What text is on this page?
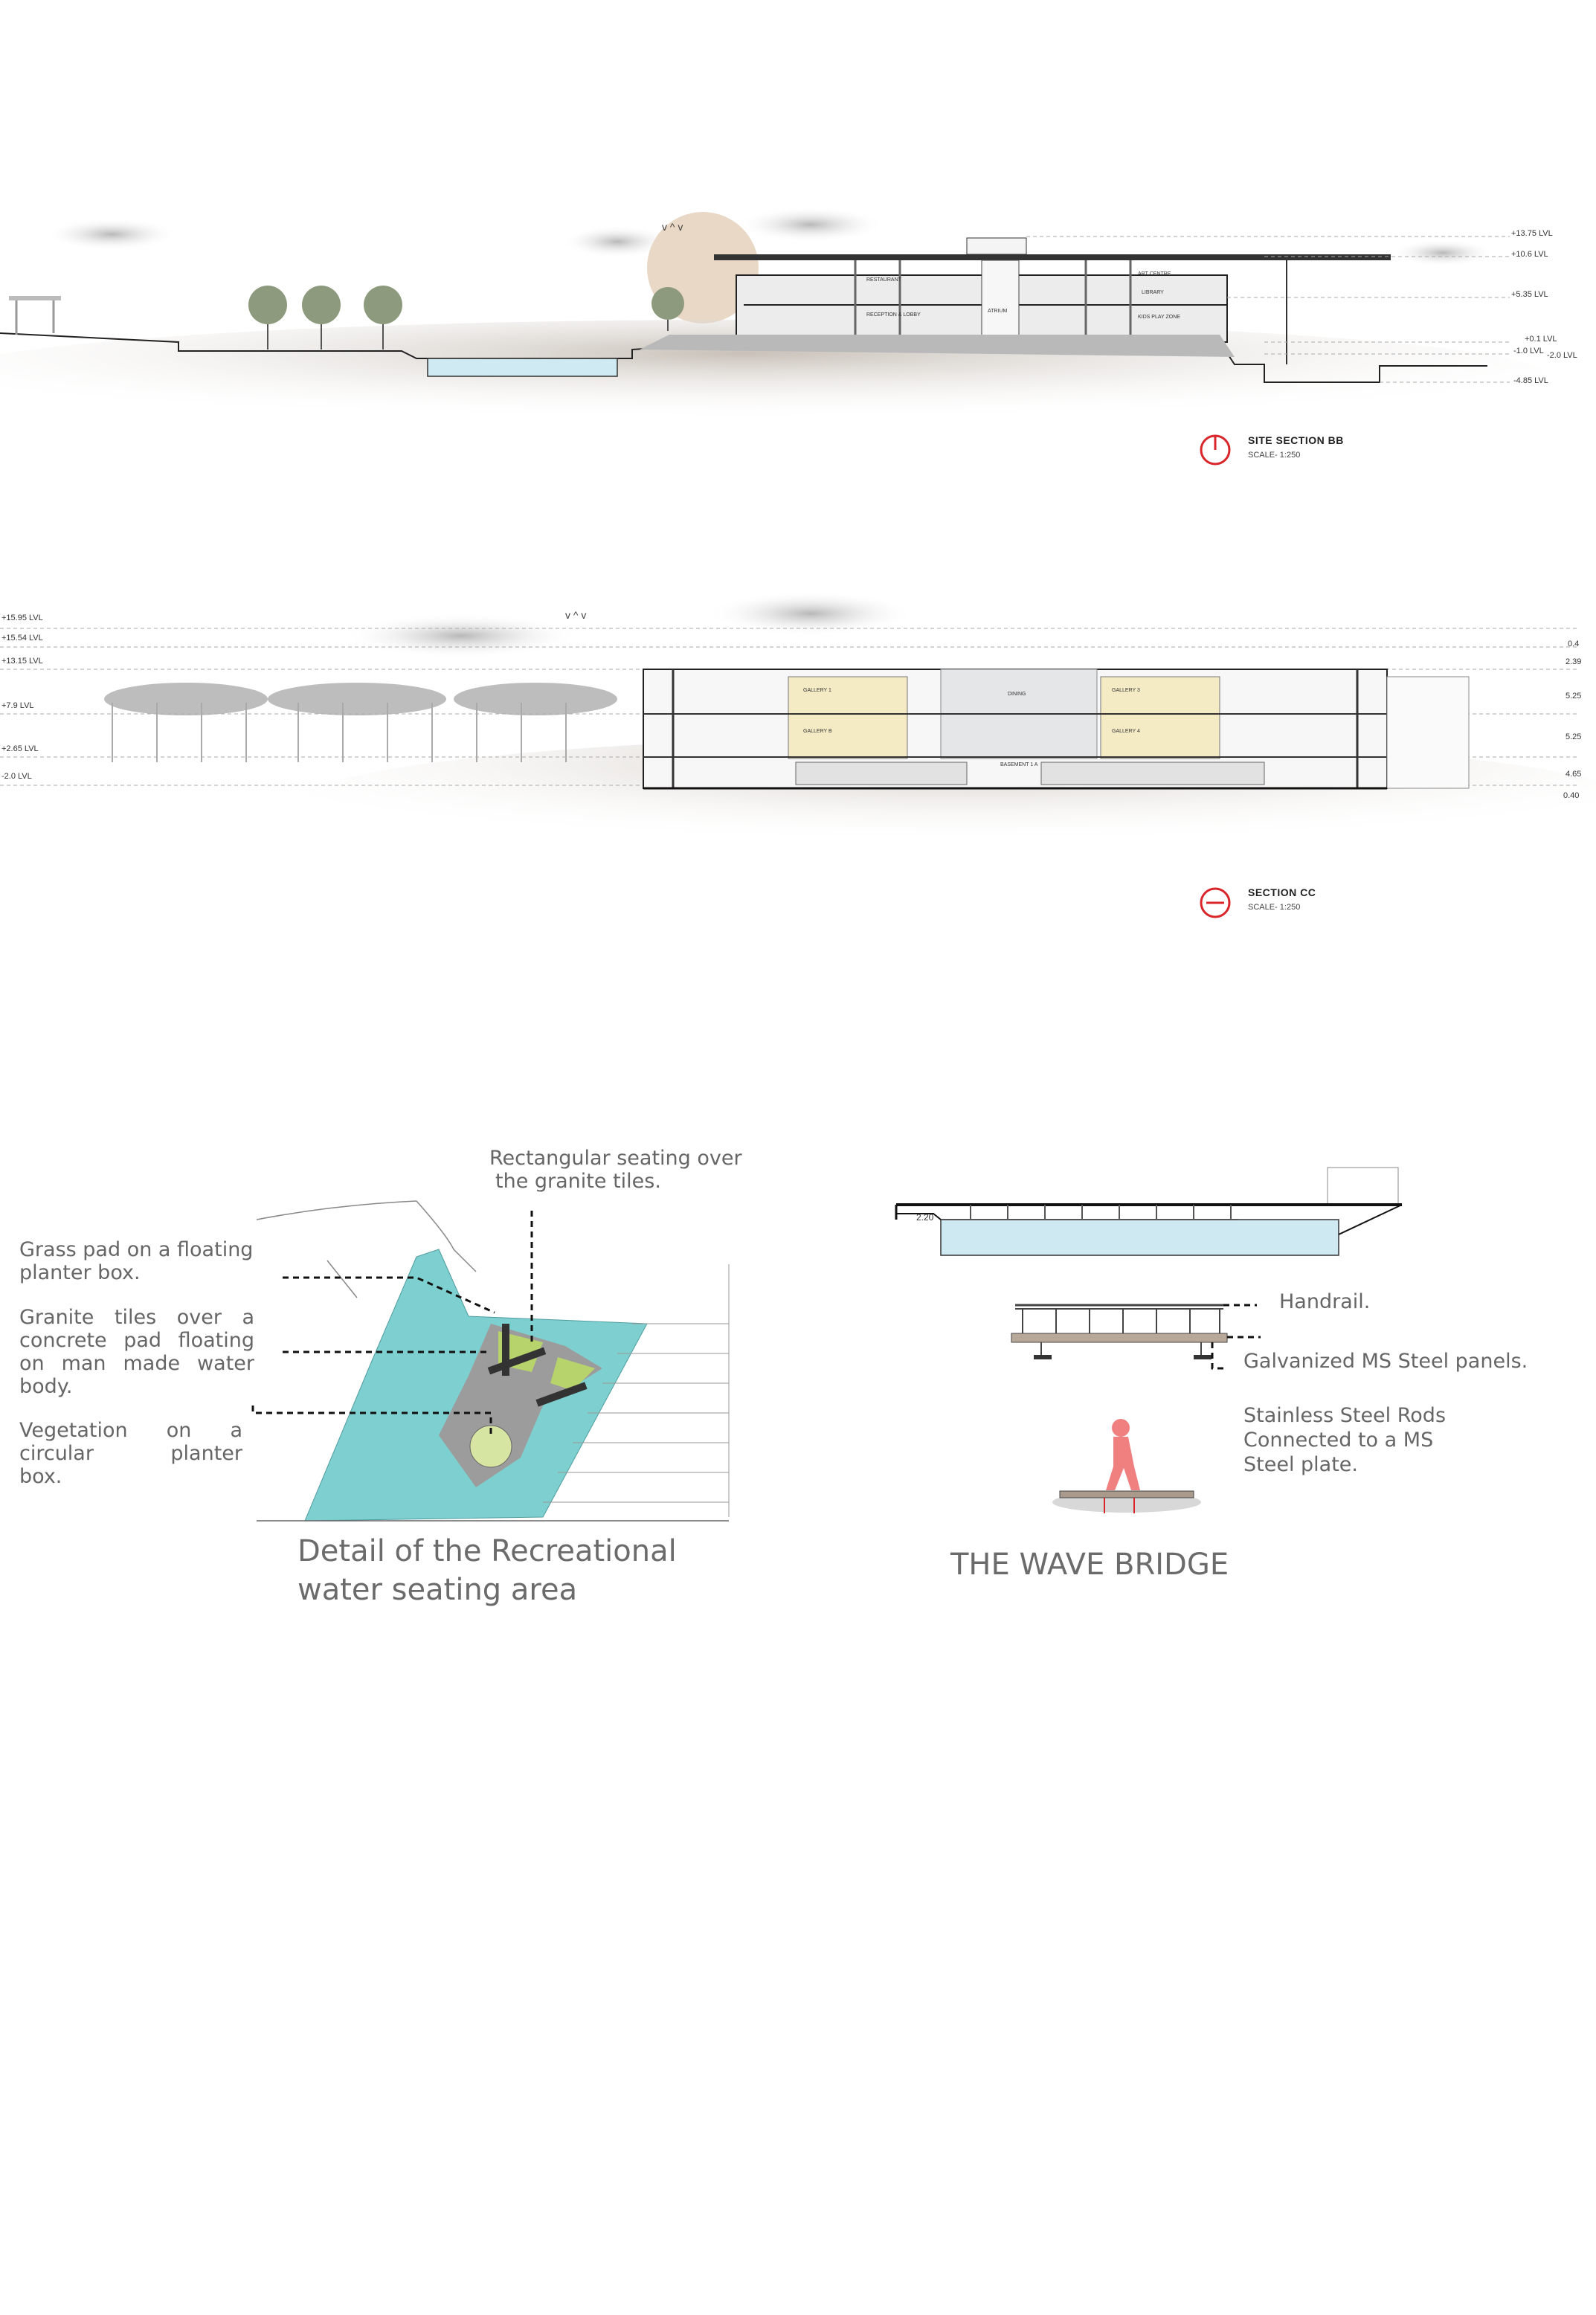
RESTAURANT
ART CENTRE
LIBRARY
RECEPTION & LOBBY
ATRIUM
KIDS PLAY ZONE
v ^ v
+13.75 LVL
+10.6 LVL
+5.35 LVL
+0.1 LVL
-1.0 LVL -2.0 LVL
-4.85 LVL
SITE SECTION BB
SCALE- 1:250
GALLERY 1
GALLERY B
DINING
GALLERY 3
GALLERY 4
BASEMENT 1 A
v ^ v
+15.95 LVL
+15.54 LVL
+13.15 LVL
+7.9 LVL
+2.65 LVL
-2.0 LVL
0.4
2.39
5.25
5.25
4.65
0.40
SECTION CC
SCALE- 1:250
Rectangular seating over
the granite tiles.
Grass pad on a floating
planter box.
Granite tiles over a
concrete pad floating
on man made water
body.
Vegetation on a
circular planter
box.
Detail of the Recreational
water seating area
2.20
Handrail.
Galvanized MS Steel panels.
Stainless Steel Rods
Connected to a MS
Steel plate.
THE WAVE BRIDGE
